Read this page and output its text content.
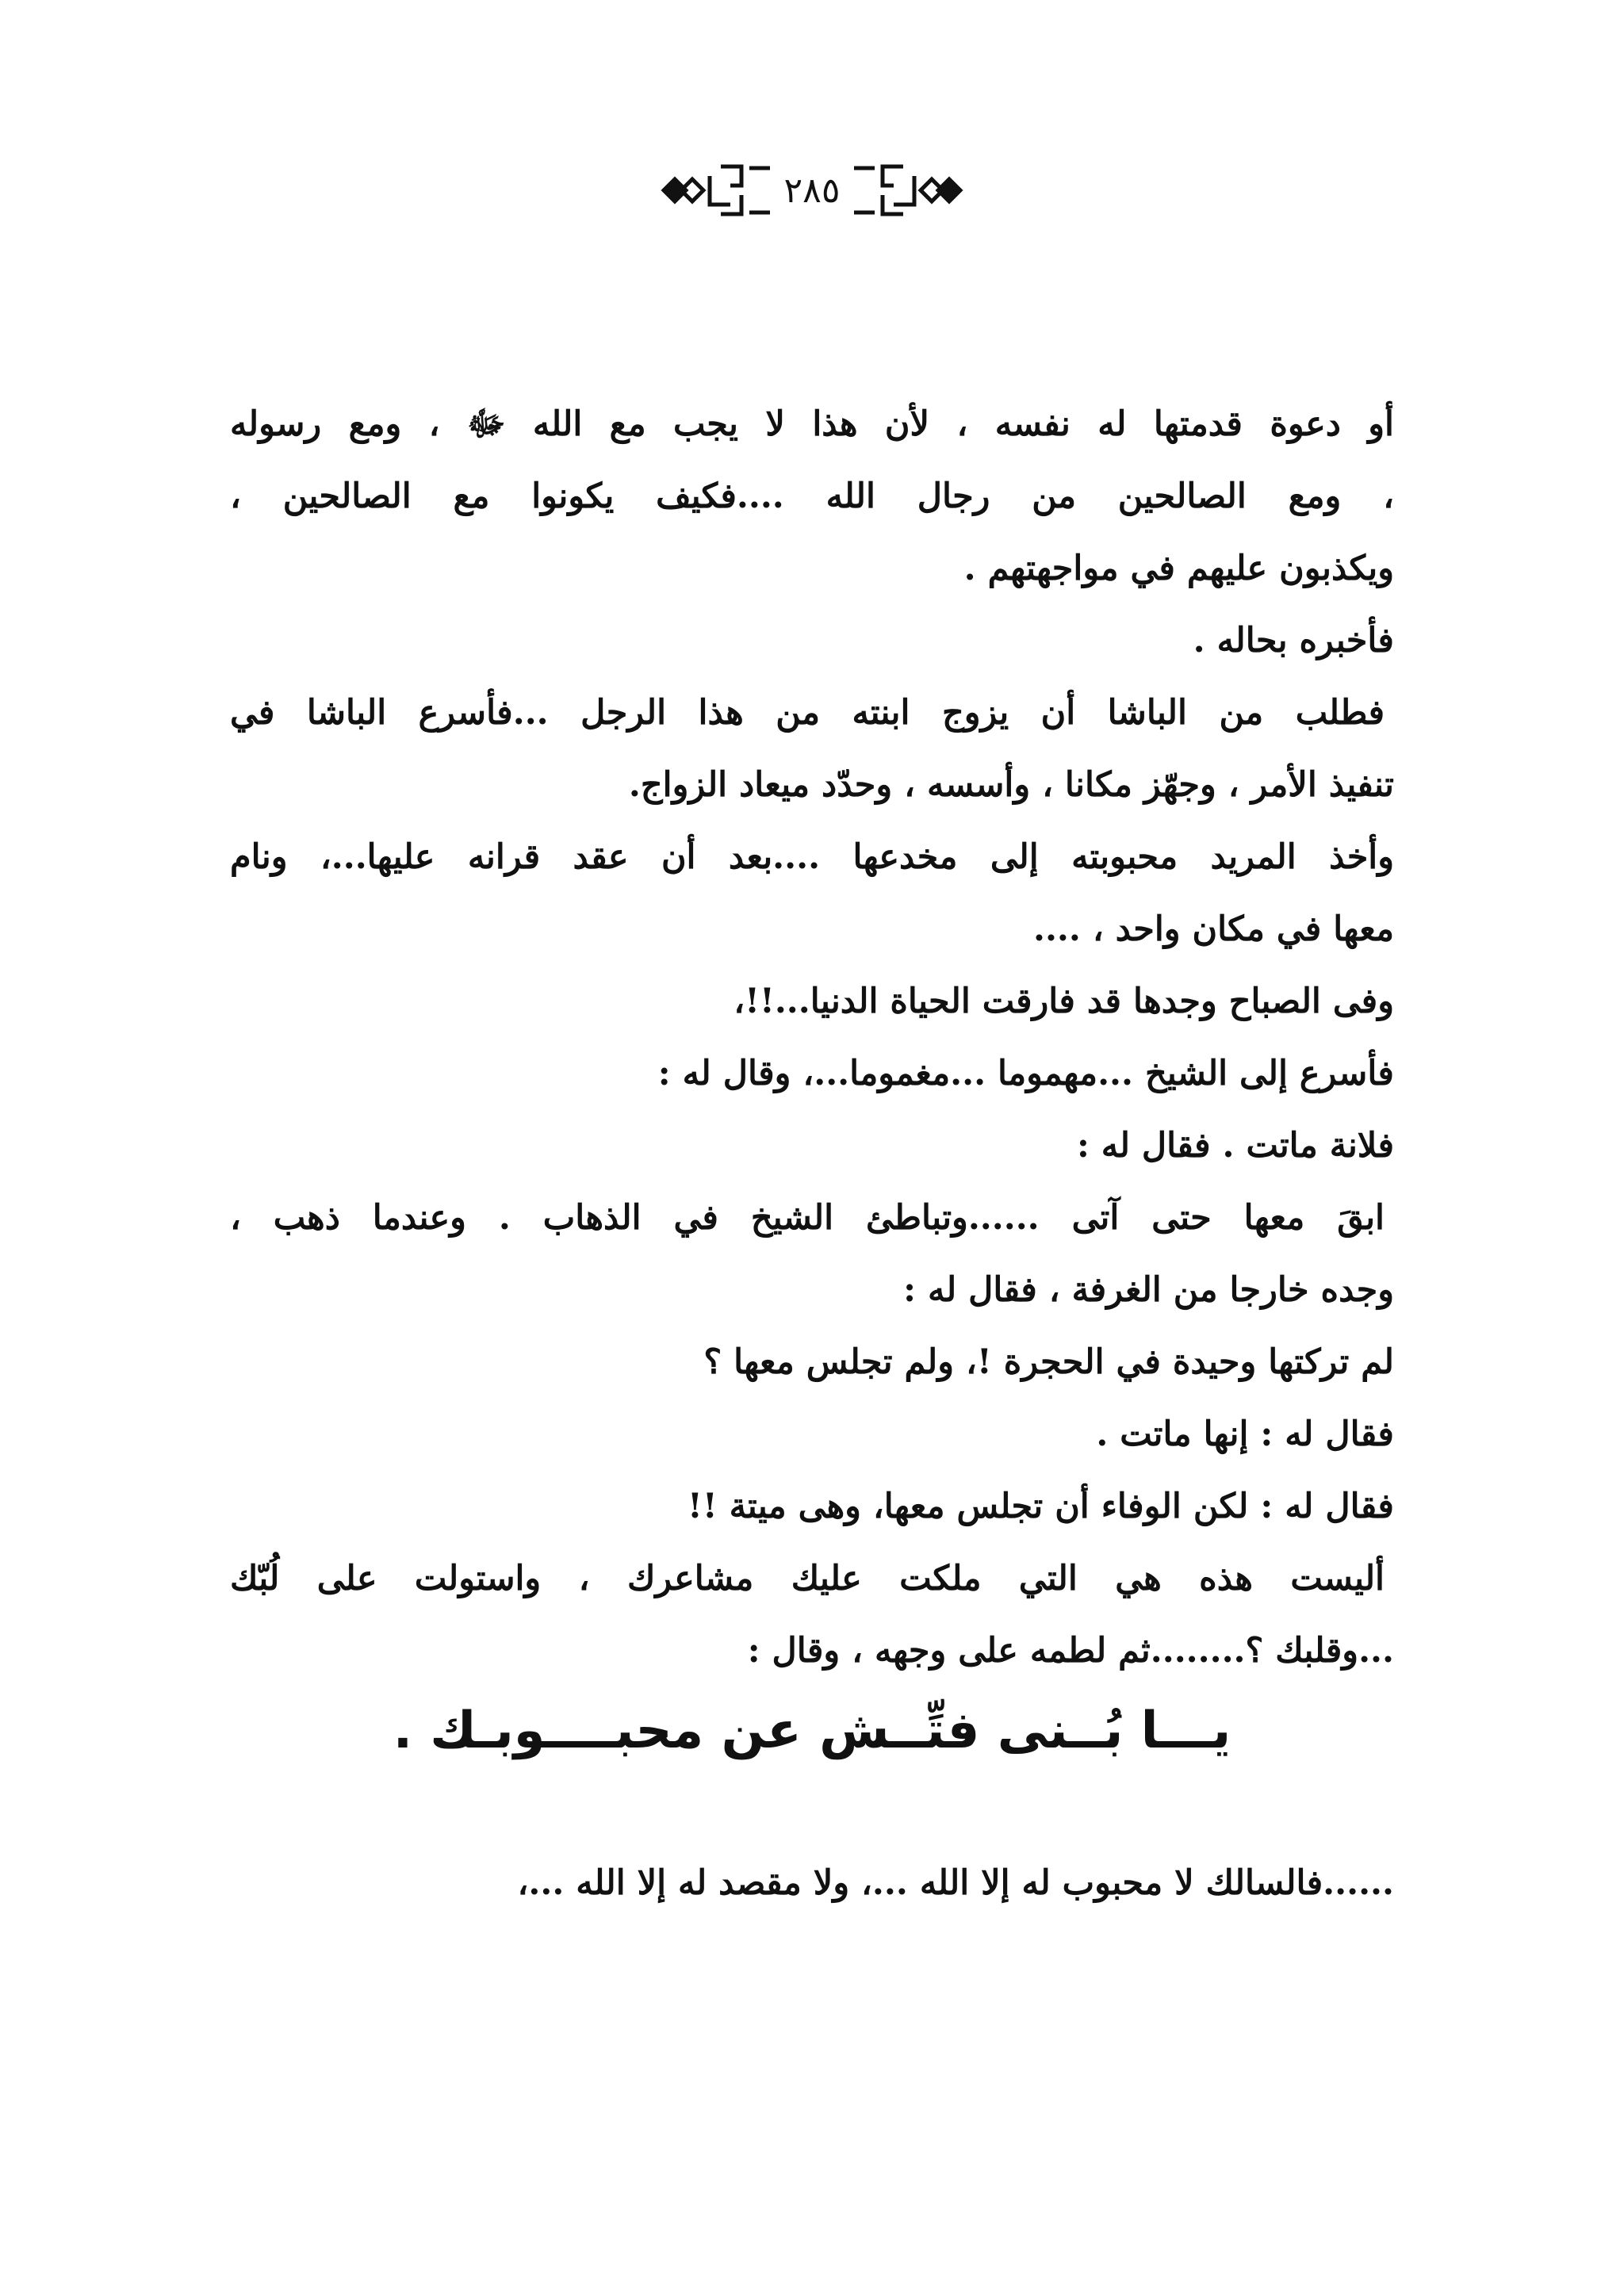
٢٨٥
أو دعوة قدمتها له نفسه ، لأن هذا لا يجب مع الله ﷻ ، ومع رسوله
، ومع الصالحين من رجال الله ....فكيف يكونوا مع الصالحين ،
ويكذبون عليهم في مواجهتهم .
فأخبره بحاله .
فطلب من الباشا أن يزوج ابنته من هذا الرجل ...فأسرع الباشا في
تنفيذ الأمر ، وجهّز مكانا ، وأسسه ، وحدّد ميعاد الزواج.
وأخذ المريد محبوبته إلى مخدعها ....بعد أن عقد قرانه عليها...، ونام
معها في مكان واحد ، ....
وفى الصباح وجدها قد فارقت الحياة الدنيا...!!،
فأسرع إلى الشيخ ...مهموما ...مغموما...، وقال له :
فلانة ماتت . فقال له :
ابقَ معها حتى آتى ......وتباطئ الشيخ في الذهاب . وعندما ذهب ،
وجده خارجا من الغرفة ، فقال له :
لم تركتها وحيدة في الحجرة !، ولم تجلس معها ؟
فقال له : إنها ماتت .
فقال له : لكن الوفاء أن تجلس معها، وهى ميتة !!
أليست هذه هي التي ملكت عليك مشاعرك ، واستولت على لُبّك
...وقلبك ؟........ثم لطمه على وجهه ، وقال :
يـــا بُــنى فتِّــش عن محبــــوبـك .
......فالسالك لا محبوب له إلا الله ...، ولا مقصد له إلا الله ...،
